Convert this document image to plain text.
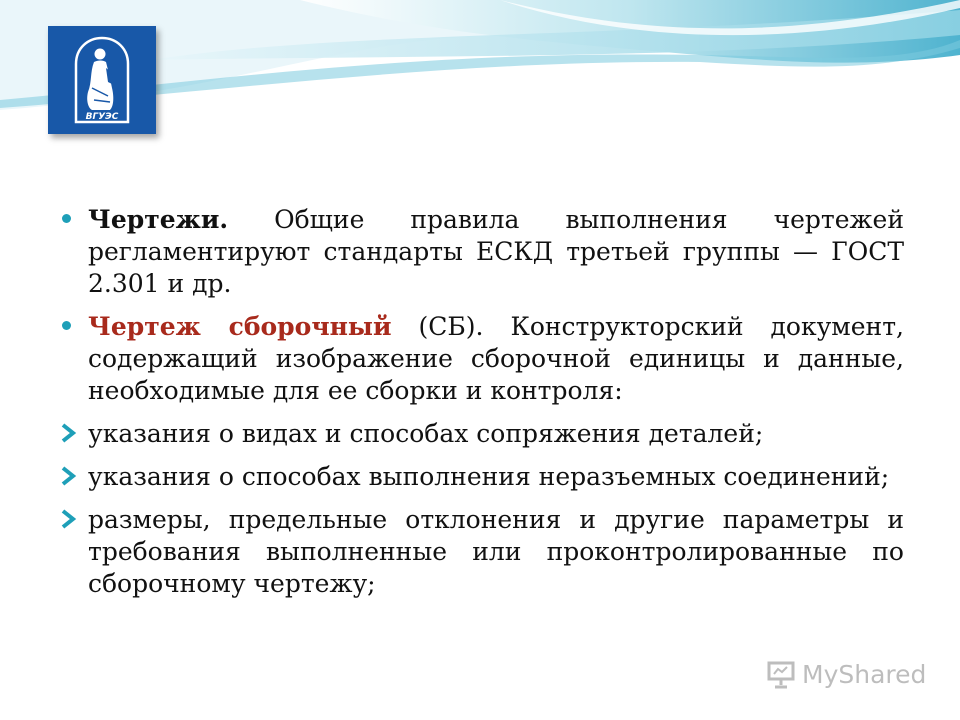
ВГУЭС
Чертежи. Общие правила выполнения чертежей регламентируют стандарты ЕСКД третьей группы — ГОСТ 2.301 и др.
Чертеж сборочный (СБ). Конструкторский документ, содержащий изображение сборочной единицы и данные, необходимые для ее сборки и контроля:
указания о видах и способах сопряжения деталей;
указания о способах выполнения неразъемных соединений;
размеры, предельные отклонения и другие параметры и требования выполненные или проконтролированные по сборочному чертежу;
MyShared
